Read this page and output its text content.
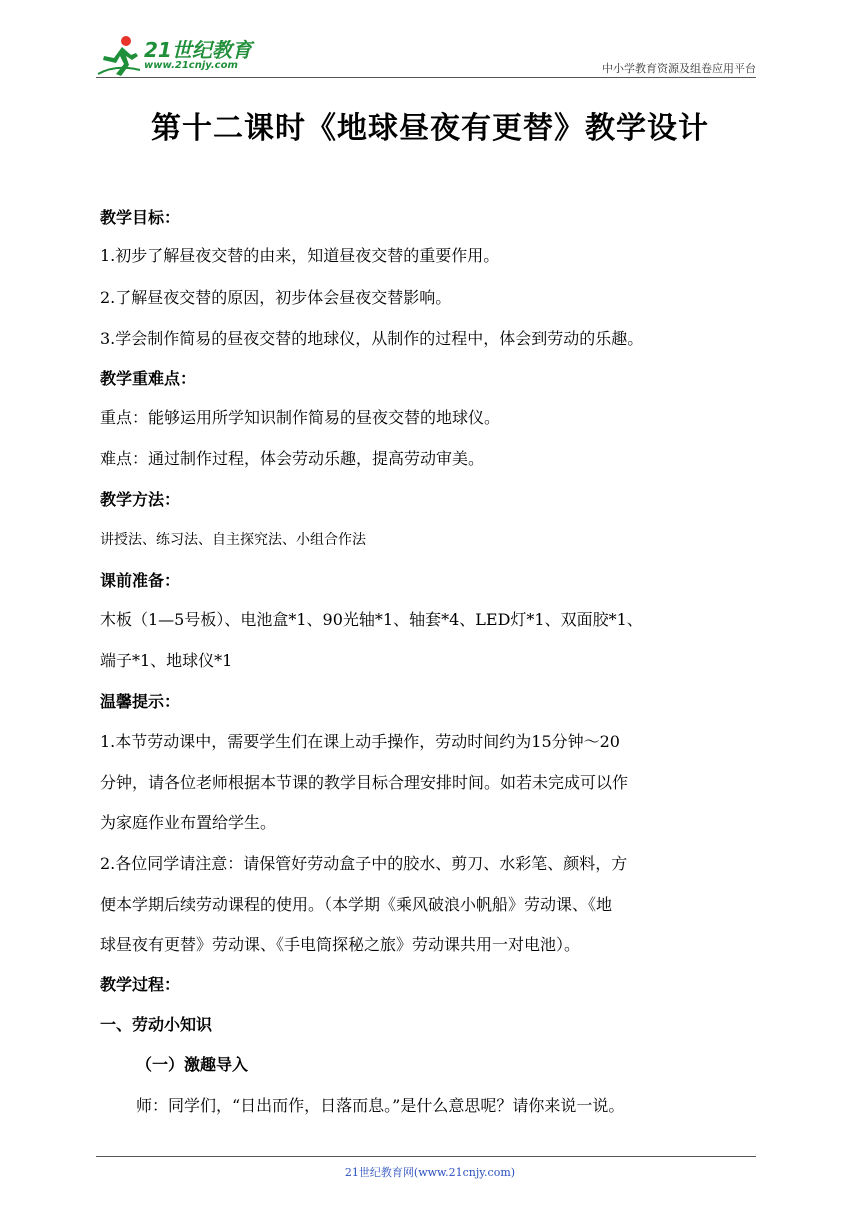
21世纪教育
www.21cnjy.com	中小学教育资源及组卷应用平台
第十二课时《地球昼夜有更替》教学设计
教学目标：
1.初步了解昼夜交替的由来，知道昼夜交替的重要作用。
2.了解昼夜交替的原因，初步体会昼夜交替影响。
3.学会制作简易的昼夜交替的地球仪，从制作的过程中，体会到劳动的乐趣。
教学重难点：
重点：能够运用所学知识制作简易的昼夜交替的地球仪。
难点：通过制作过程，体会劳动乐趣，提高劳动审美。
教学方法：
讲授法、练习法、自主探究法、小组合作法
课前准备：
木板（1—5号板）、电池盒*1、90光轴*1、轴套*4、LED灯*1、双面胶*1、
端子*1、地球仪*1
温馨提示：
1.本节劳动课中，需要学生们在课上动手操作，劳动时间约为15分钟～20
分钟，请各位老师根据本节课的教学目标合理安排时间。如若未完成可以作
为家庭作业布置给学生。
2.各位同学请注意：请保管好劳动盒子中的胶水、剪刀、水彩笔、颜料，方
便本学期后续劳动课程的使用。（本学期《乘风破浪小帆船》劳动课、《地
球昼夜有更替》劳动课、《手电筒探秘之旅》劳动课共用一对电池）。
教学过程：
一、劳动小知识
（一）激趣导入
师：同学们，“日出而作，日落而息。”是什么意思呢？请你来说一说。
21世纪教育网(www.21cnjy.com)
